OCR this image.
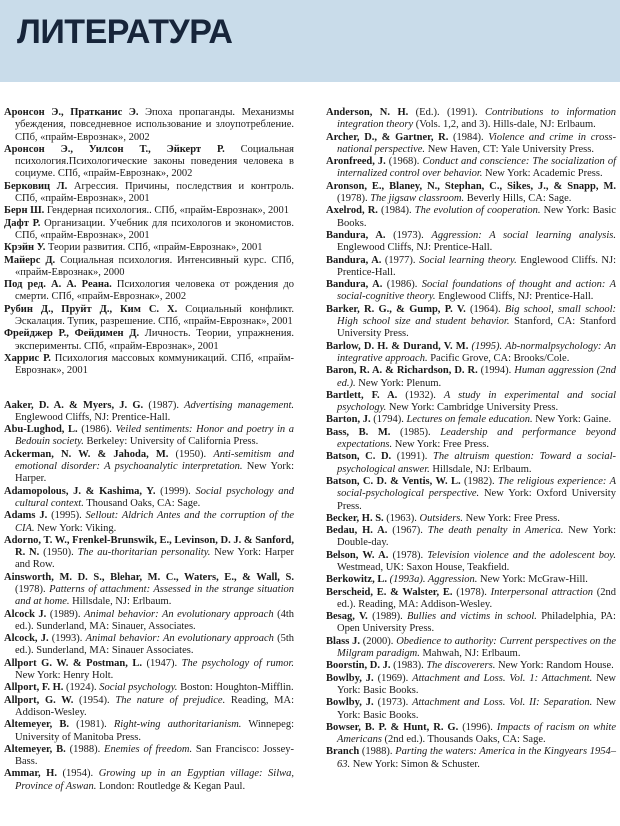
ЛИТЕРАТУРА

Аронсон Э., Пратканис Э. Эпоха пропаганды. Механизмы убеждения, повседневное использование и злоупотребление. СПб, «прайм-Еврознак», 2002

Аронсон Э., Уилсон Т., Эйкерт Р. Социальная психология.Психологические законы поведения человека в социуме. СПб, «прайм-Еврознак», 2002

Берковиц Л. Агрессия. Причины, последствия и контроль. СПб, «прайм-Еврознак», 2001

Берн Ш. Гендерная психология.. СПб, «прайм-Еврознак», 2001

Дафт Р. Организации. Учебник для психологов и экономистов. СПб, «прайм-Еврознак», 2001

Крэйн У. Теории развития. СПб, «прайм-Еврознак», 2001

Майерс Д. Социальная психология. Интенсивный курс. СПб, «прайм-Еврознак», 2000

Под ред. А. А. Реана. Психология человека от рождения до смерти. СПб, «прайм-Еврознак», 2002

Рубин Д., Пруйт Д., Ким С. Х. Социальный конфликт. Эскалация. Тупик, разрешение. СПб, «прайм-Еврознак», 2001

Фрейджер Р., Фейдимен Д. Личность. Теории, упражнения. эксперименты. СПб, «прайм-Еврознак», 2001

Харрис Р. Психология массовых коммуникаций. СПб, «прайм-Еврознак», 2001

Aaker, D. A. & Myers, J. G. (1987). Advertising management. Englewood Cliffs, NJ: Prentice-Hall.

Abu-Lughod, L. (1986). Veiled sentiments: Honor and poetry in a Bedouin society. Berkeley: University of California Press.

Ackerman, N. W. & Jahoda, M. (1950). Anti-semitism and emotional disorder: A psychoanalytic interpretation. New York: Harper.

Adamopolous, J. & Kashima, Y. (1999). Social psychology and cultural context. Thousand Oaks, CA: Sage.

Adams J. (1995). Sellout: Aldrich Antes and the corruption of the CIA. New York: Viking.

Adorno, T. W., Frenkel-Brunswik, E., Levinson, D. J. & Sanford, R. N. (1950). The au-thoritarian personality. New York: Harper and Row.

Ainsworth, M. D. S., Blehar, M. C., Waters, E., & Wall, S. (1978). Patterns of attachment: Assessed in the strange situation and at home. Hillsdale, NJ: Erlbaum.

Alcock J. (1989). Animal behavior: An evolutionary approach (4th ed.). Sunderland, MA: Sinauer, Associates.

Alcock, J. (1993). Animal behavior: An evolutionary approach (5th ed.). Sunderland, MA: Sinauer Associates.

Allport G. W. & Postman, L. (1947). The psychology of rumor. New York: Henry Holt.

Allport, F. H. (1924). Social psychology. Boston: Houghton-Mifflin.

Allport, G. W. (1954). The nature of prejudice. Reading, MA: Addison-Wesley.

Altemeyer, B. (1981). Right-wing authoritarianism. Winnepeg: University of Manitoba Press.

Altemeyer, B. (1988). Enemies of freedom. San Francisco: Jossey-Bass.

Ammar, H. (1954). Growing up in an Egyptian village: Silwa, Province of Aswan. London: Routledge & Kegan Paul.

Anderson, N. H. (Ed.). (1991). Contributions to information integration theory (Vols. 1,2, and 3). Hills-dale, NJ: Erlbaum.

Archer, D., & Gartner, R. (1984). Violence and crime in cross-national perspective. New Haven, CT: Yale University Press.

Aronfreed, J. (1968). Conduct and conscience: The socialization of internalized control over behavior. New York: Academic Press.

Aronson, E., Blaney, N., Stephan, C., Sikes, J., & Snapp, M. (1978). The jigsaw classroom. Beverly Hills, CA: Sage.

Axelrod, R. (1984). The evolution of cooperation. New York: Basic Books.

Bandura, A. (1973). Aggression: A social learning analysis. Englewood Cliffs, NJ: Prentice-Hall.

Bandura, A. (1977). Social learning theory. Englewood Cliffs. NJ: Prentice-Hall.

Bandura, A. (1986). Social foundations of thought and action: A social-cognitive theory. Englewood Cliffs, NJ: Prentice-Hall.

Barker, R. G., & Gump, P. V. (1964). Big school, small school: High school size and student behavior. Stanford, CA: Stanford University Press.

Barlow, D. H. & Durand, V. M. (1995). Ab-normalpsychology: An integrative approach. Pacific Grove, CA: Brooks/Cole.

Baron, R. A. & Richardson, D. R. (1994). Human aggression (2nd ed.). New York: Plenum.

Bartlett, F. A. (1932). A study in experimental and social psychology. New York: Cambridge University Press.

Barton, J. (1794). Lectures on female education. New York: Gaine.

Bass, B. M. (1985). Leadership and performance beyond expectations. New York: Free Press.

Batson, C. D. (1991). The altruism question: Toward a social-psychological answer. Hillsdale, NJ: Erlbaum.

Batson, C. D. & Ventis, W. L. (1982). The religious experience: A social-psychological perspective. New York: Oxford University Press.

Becker, H. S. (1963). Outsiders. New York: Free Press.

Bedau, H. A. (1967). The death penalty in America. New York: Double-day.

Belson, W. A. (1978). Television violence and the adolescent boy. Westmead, UK: Saxon House, Teakfield.

Berkowitz, L. (1993a). Aggression. New York: McGraw-Hill.

Berscheid, E. & Walster, E. (1978). Interpersonal attraction (2nd ed.). Reading, MA: Addison-Wesley.

Besag, V. (1989). Bullies and victims in school. Philadelphia, PA: Open University Press.

Blass J. (2000). Obedience to authority: Current perspectives on the Milgram paradigm. Mahwah, NJ: Erlbaum.

Boorstin, D. J. (1983). The discoverers. New York: Random House.

Bowlby, J. (1969). Attachment and Loss. Vol. 1: Attachment. New York: Basic Books.

Bowlby, J. (1973). Attachment and Loss. Vol. II: Separation. New York: Basic Books.

Bowser, B. P. & Hunt, R. G. (1996). Impacts of racism on white Americans (2nd ed.). Thousands Oaks, CA: Sage.

Branch (1988). Parting the waters: America in the Kingyears 1954–63. New York: Simon & Schuster.
